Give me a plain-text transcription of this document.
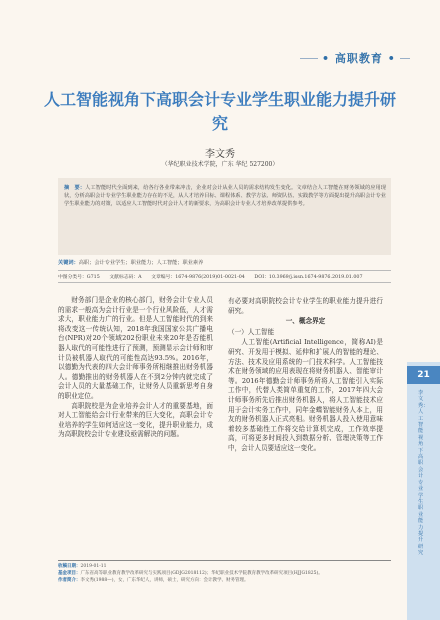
• 高职教育 •
人工智能视角下高职会计专业学生职业能力提升研究
李文秀
（华纪职业技术学院，广东 华纪 527200）

摘　要：人工智能时代全面到来，给各行各业带来冲击，企业对会计从业人员的需求结构发生变化。文章结合人工智能在财务领域的应用现状，分析高职会计专业学生职业能力存在的不足，从人才培养目标、课程体系、教学方法、师资队伍、实践教学等方面提出提升高职会计专业学生职业能力的对策，以适应人工智能时代对会计人才的新要求，为高职会计专业人才培养改革提供参考。

关键词：高职；会计专业学生；职业能力；人工智能；职业素养
中图分类号：G715　　文献标志码：A　　文章编号：1674-9876(2019)01-0021-04　　DOI：10.3969/j.issn.1674-9876.2019.01.007

财务部门是企业的核心部门，财务会计专业人员的需求一般高为会计行业是一个行业风险低，人才需求大，职业能力广的行业。但是人工智能时代的到来将改变这一传统认知，2018年我国国家公共广播电台(NPR)对20个领域202份职业未来20年是否能机器人取代的可能性进行了预测，预测显示会计师和审计员被机器人取代的可能性高达93.5%。2016年，以德勤为代表的四大会计师事务所相继推出财务机器人。德勤推出的财务机器人在不到2分钟内就完成了会计人员的大量基础工作，让财务人员重新思考自身的职业定位。

高职院校是为企业培养会计人才的重要基地，面对人工智能给会计行业带来的巨大变化，高职会计专业培养的学生如何适应这一变化，提升职业能力，成为高职院校会计专业建设亟需解决的问题。

有必要对高职院校会计专业学生的职业能力提升进行研究。

一、概念界定

（一）人工智能

人工智能(Artificial Intelligence，简称AI)是研究、开发用于模拟、延伸和扩展人的智能的理论、方法、技术及应用系统的一门技术科学。人工智能技术在财务领域的应用表现在将财务机器人、智能审计等。2016年德勤会计师事务所将人工智能引入实际工作中，代替人类简单重复的工作，2017年四大会计师事务所先后推出财务机器人，将人工智能技术应用于会计实务工作中，同年金蝶智能财务人本上，用友的财务机器人正式亮相。财务机器人投入使用意味着较多基础性工作将交给计算机完成，工作效率提高，可将更多时间投入到数据分析、管理决策等工作中，会计人员要适应这一变化。

21
李文秀：人工智能视角下高职会计专业学生职业能力提升研究
收稿日期：2019-01-11
基金项目：广东省高等职业教育教学改革研究与实践项目(GDJG2018112)；华纪职业技术学院教育教学改革研究项目(HJJG1825)。
作者简介：李文秀(1988—)，女，广东华纪人，讲师，硕士，研究方向：会计教学、财务管理。
